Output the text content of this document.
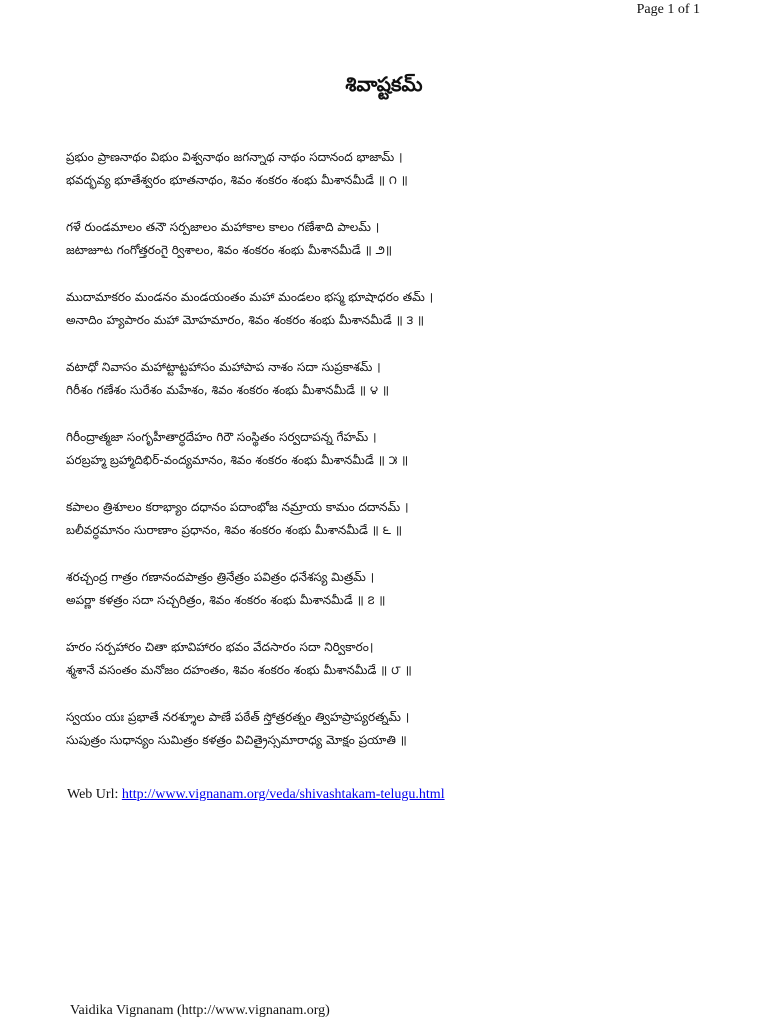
Page 1 of 1
శివాష్టకమ్
ప్రభుం ప్రాణనాథం విభుం విశ్వనాథం జగన్నాథ నాథం సదానంద భాజామ్ ।
భవద్భవ్య భూతేశ్వరం భూతనాథం, శివం శంకరం శంభు మీశానమీడే ॥ ౧ ॥
గళే రుండమాలం తనౌ సర్పజాలం మహాకాల కాలం గణేశాది పాలమ్ ।
జటాజూట గంగోత్తరంగై ర్విశాలం, శివం శంకరం శంభు మీశానమీడే ॥ ౨॥
ముదామాకరం మండనం మండయంతం మహా మండలం భస్మ భూషాధరం తమ్ ।
అనాదిం హ్యపారం మహా మోహమారం, శివం శంకరం శంభు మీశానమీడే ॥ ౩ ॥
వటాధో నివాసం మహాట్టాట్టహాసం మహాపాప నాశం సదా సుప్రకాశమ్ ।
గిరీశం గణేశం సురేశం మహేశం, శివం శంకరం శంభు మీశానమీడే ॥ ౪ ॥
గిరీంద్రాత్మజా సంగృహీతార్ధదేహం గిరౌ సంస్థితం సర్వదాపన్న గేహమ్ ।
పరబ్రహ్మ బ్రహ్మాదిభిర్-వంద్యమానం, శివం శంకరం శంభు మీశానమీడే ॥ ౫ ॥
కపాలం త్రిశూలం కరాభ్యాం దధానం పదాంభోజ నమ్రాయ కామం దదానమ్ ।
బలీవర్ధమానం సురాణాం ప్రధానం, శివం శంకరం శంభు మీశానమీడే ॥ ౬ ॥
శరచ్చంద్ర గాత్రం గణానందపాత్రం త్రినేత్రం పవిత్రం ధనేశస్య మిత్రమ్ ।
అపర్ణా కళత్రం సదా సచ్చరిత్రం, శివం శంకరం శంభు మీశానమీడే ॥ ౭ ॥
హరం సర్పహారం చితా భూవిహారం భవం వేదసారం సదా నిర్వికారం।
శ్మశానే వసంతం మనోజం దహంతం, శివం శంకరం శంభు మీశానమీడే ॥ ౮ ॥
స్వయం యః ప్రభాతే నరశ్శూల పాణే పఠేత్ స్తోత్రరత్నం త్విహప్రాప్యరత్నమ్ ।
సుపుత్రం సుధాన్యం సుమిత్రం కళత్రం విచిత్రైస్సమారాధ్య మోక్షం ప్రయాతి ॥
Web Url: http://www.vignanam.org/veda/shivashtakam-telugu.html
Vaidika Vignanam (http://www.vignanam.org)
